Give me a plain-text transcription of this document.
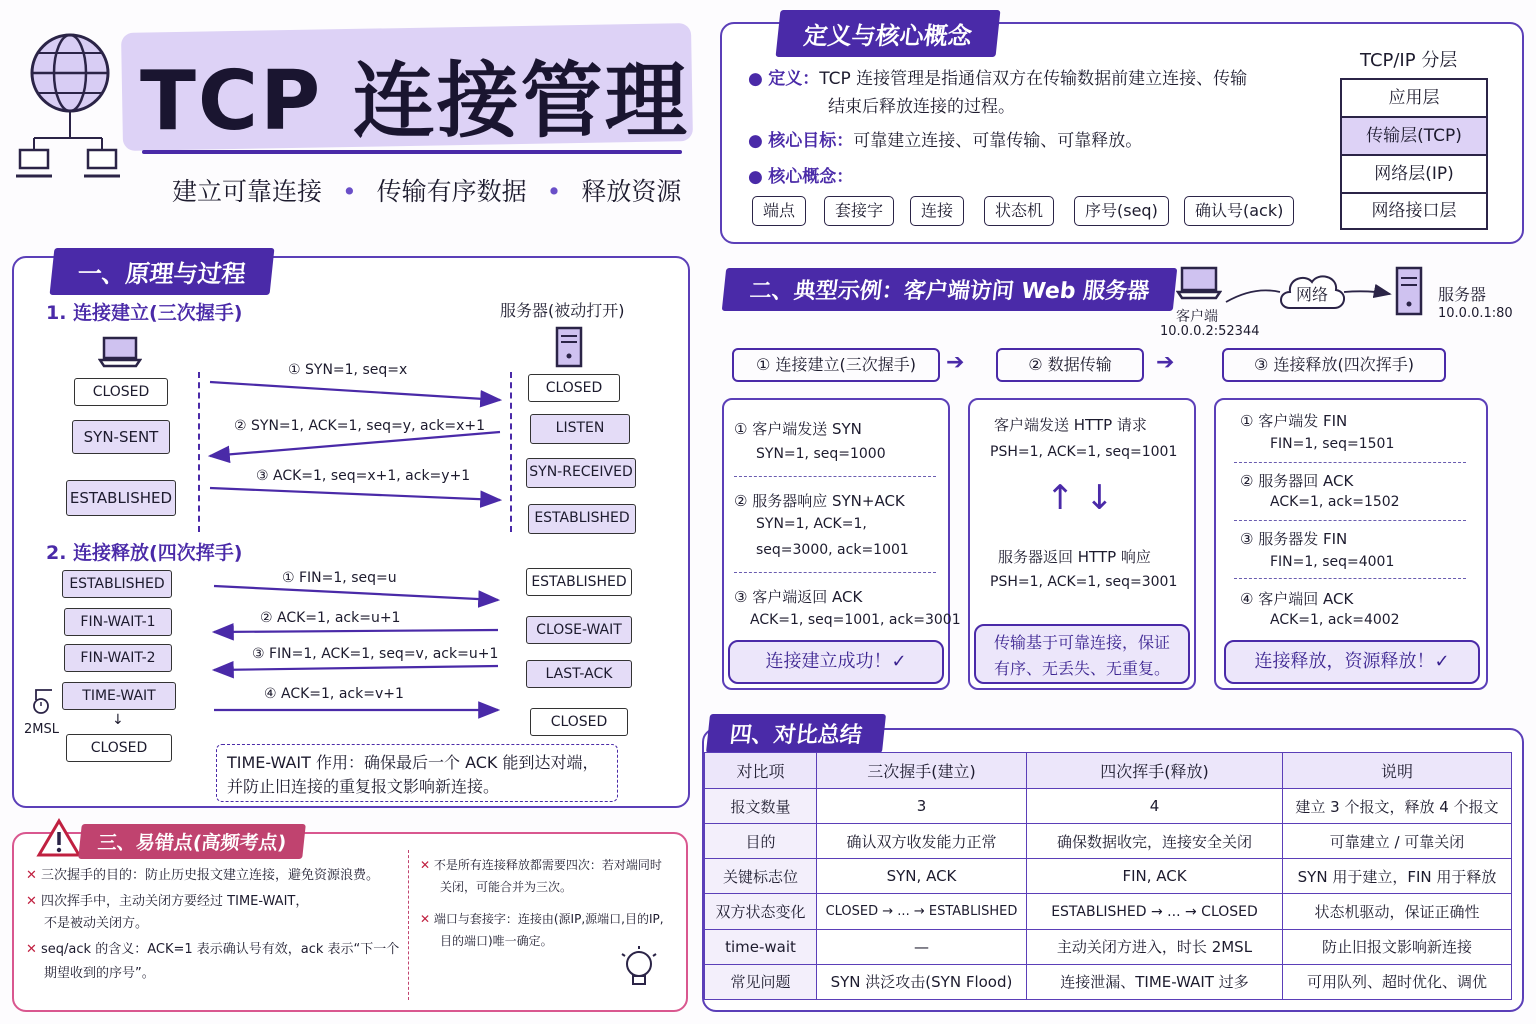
TCP 连接管理
建立可靠连接 • 传输有序数据 • 释放资源
定义与核心概念
● 定义：TCP 连接管理是指通信双方在传输数据前建立连接、传输
结束后释放连接的过程。
● 核心目标：可靠建立连接、可靠传输、可靠释放。
● 核心概念：
端点	套接字	连接	状态机	序号(seq)	确认号(ack)
TCP/IP 分层
应用层
传输层(TCP)
网络层(IP)
网络接口层
一、原理与过程
1. 连接建立(三次握手)	服务器(被动打开)
CLOSED
SYN-SENT
ESTABLISHED
CLOSED
LISTEN
SYN-RECEIVED
ESTABLISHED
① SYN=1, seq=x
② SYN=1, ACK=1, seq=y, ack=x+1
③ ACK=1, seq=x+1, ack=y+1
2. 连接释放(四次挥手)
ESTABLISHED
FIN-WAIT-1
FIN-WAIT-2
TIME-WAIT
↓
CLOSED
2MSL
ESTABLISHED
CLOSE-WAIT
LAST-ACK
CLOSED
① FIN=1, seq=u
② ACK=1, ack=u+1
③ FIN=1, ACK=1, seq=v, ack=u+1
④ ACK=1, ack=v+1
TIME-WAIT 作用：确保最后一个 ACK 能到达对端，
并防止旧连接的重复报文影响新连接。
二、典型示例：客户端访问 Web 服务器
客户端
10.0.0.2:52344
网络	服务器
10.0.0.1:80
① 连接建立(三次握手)	➔	② 数据传输	➔	③ 连接释放(四次挥手)
① 客户端发送 SYN
SYN=1, seq=1000
② 服务器响应 SYN+ACK
SYN=1, ACK=1,
seq=3000, ack=1001
③ 客户端返回 ACK
ACK=1, seq=1001, ack=3001
连接建立成功！✓
客户端发送 HTTP 请求
PSH=1, ACK=1, seq=1001
↑ ↓
服务器返回 HTTP 响应
PSH=1, ACK=1, seq=3001
传输基于可靠连接，保证
有序、无丢失、无重复。
① 客户端发 FIN
FIN=1, seq=1501
② 服务器回 ACK
ACK=1, ack=1502
③ 服务器发 FIN
FIN=1, seq=4001
④ 客户端回 ACK
ACK=1, ack=4002
连接释放，资源释放！✓
三、易错点(高频考点)
✕ 三次握手的目的：防止历史报文建立连接，避免资源浪费。
✕ 四次挥手中，主动关闭方要经过 TIME-WAIT，
不是被动关闭方。
✕ seq/ack 的含义：ACK=1 表示确认号有效，ack 表示“下一个
期望收到的序号”。
✕ 不是所有连接释放都需要四次：若对端同时
关闭，可能合并为三次。
✕ 端口与套接字：连接由(源IP,源端口,目的IP,
目的端口)唯一确定。
四、对比总结
对比项	三次握手(建立)	四次挥手(释放)	说明
报文数量	3	4	建立 3 个报文，释放 4 个报文
目的	确认双方收发能力正常	确保数据收完，连接安全关闭	可靠建立 / 可靠关闭
关键标志位	SYN, ACK	FIN, ACK	SYN 用于建立，FIN 用于释放
双方状态变化	CLOSED → ... → ESTABLISHED	ESTABLISHED → ... → CLOSED	状态机驱动，保证正确性
time-wait	—	主动关闭方进入，时长 2MSL	防止旧报文影响新连接
常见问题	SYN 洪泛攻击(SYN Flood)	连接泄漏、TIME-WAIT 过多	可用队列、超时优化、调优
